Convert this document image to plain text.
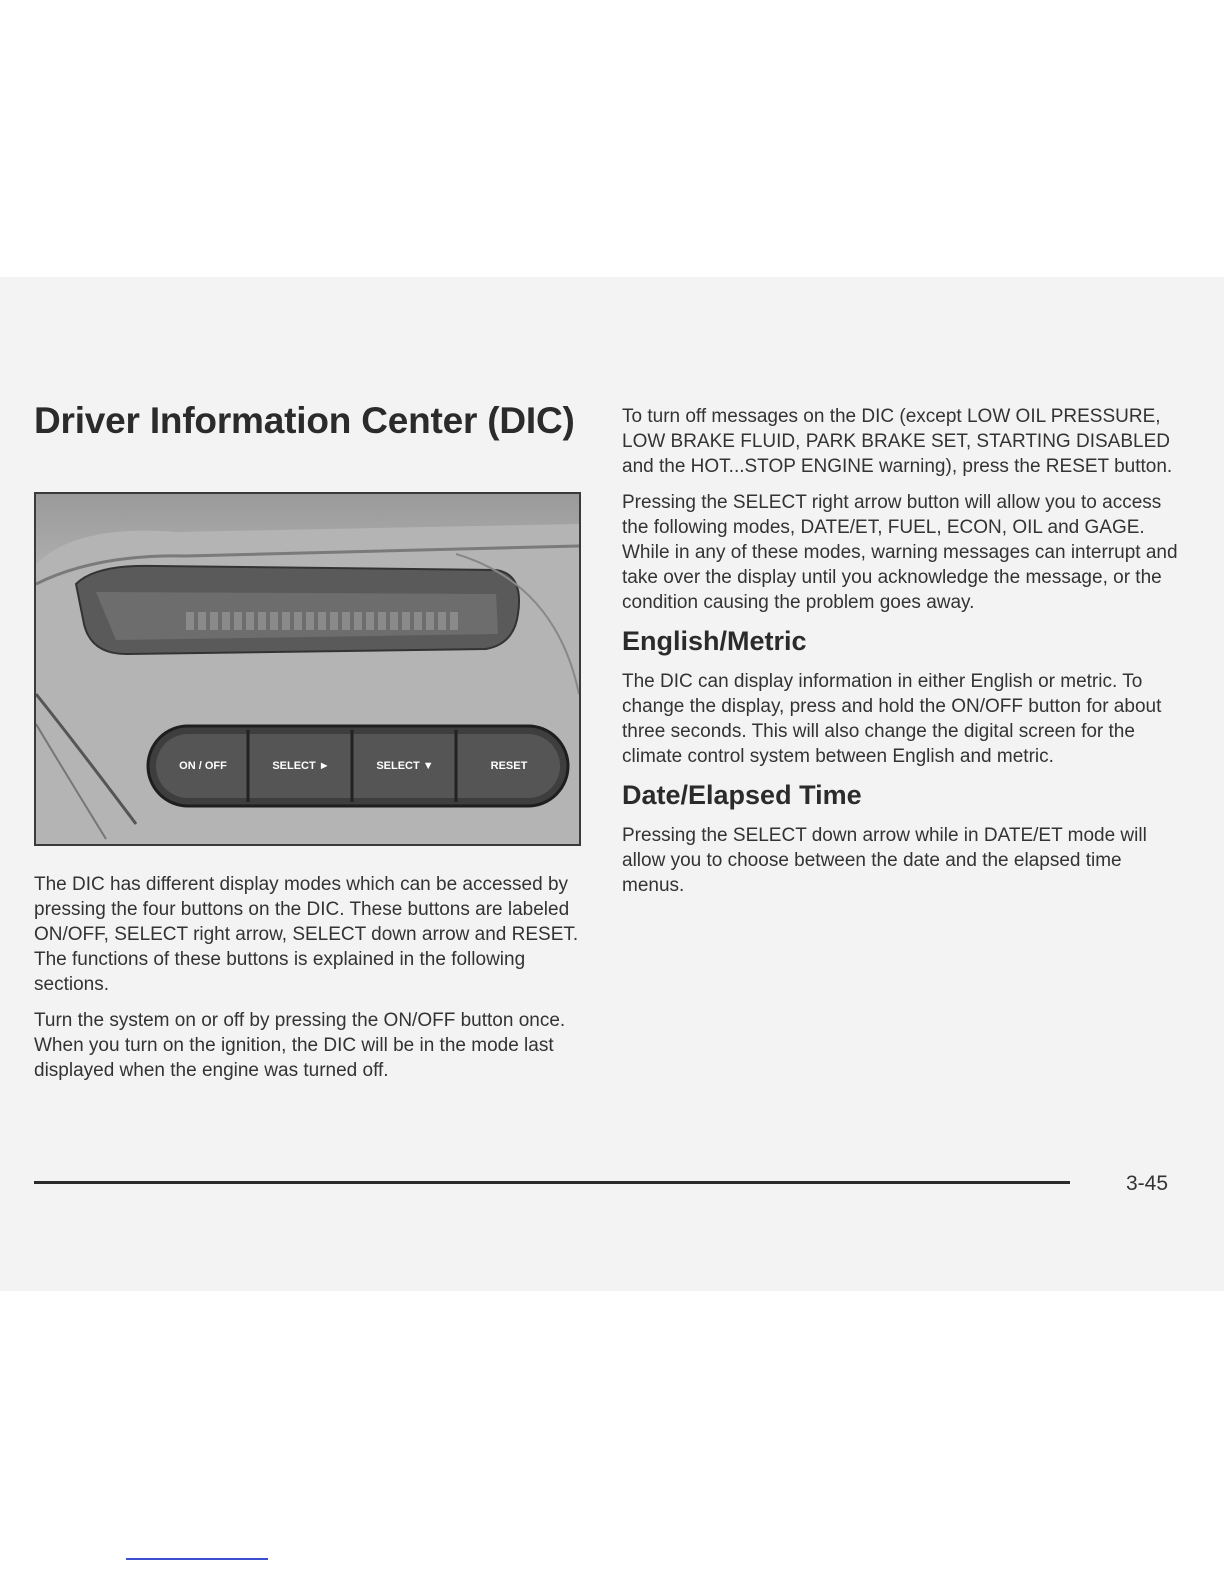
Driver Information Center (DIC)
ON / OFF	SELECT ►	SELECT ▼	RESET

The DIC has different display modes which can be accessed by pressing the four buttons on the DIC. These buttons are labeled ON/OFF, SELECT right arrow, SELECT down arrow and RESET. The functions of these buttons is explained in the following sections.

Turn the system on or off by pressing the ON/OFF button once. When you turn on the ignition, the DIC will be in the mode last displayed when the engine was turned off.

To turn off messages on the DIC (except LOW OIL PRESSURE, LOW BRAKE FLUID, PARK BRAKE SET, STARTING DISABLED and the HOT...STOP ENGINE warning), press the RESET button.

Pressing the SELECT right arrow button will allow you to access the following modes, DATE/ET, FUEL, ECON, OIL and GAGE. While in any of these modes, warning messages can interrupt and take over the display until you acknowledge the message, or the condition causing the problem goes away.

English/Metric

The DIC can display information in either English or metric. To change the display, press and hold the ON/OFF button for about three seconds. This will also change the digital screen for the climate control system between English and metric.

Date/Elapsed Time

Pressing the SELECT down arrow while in DATE/ET mode will allow you to choose between the date and the elapsed time menus.

3-45
